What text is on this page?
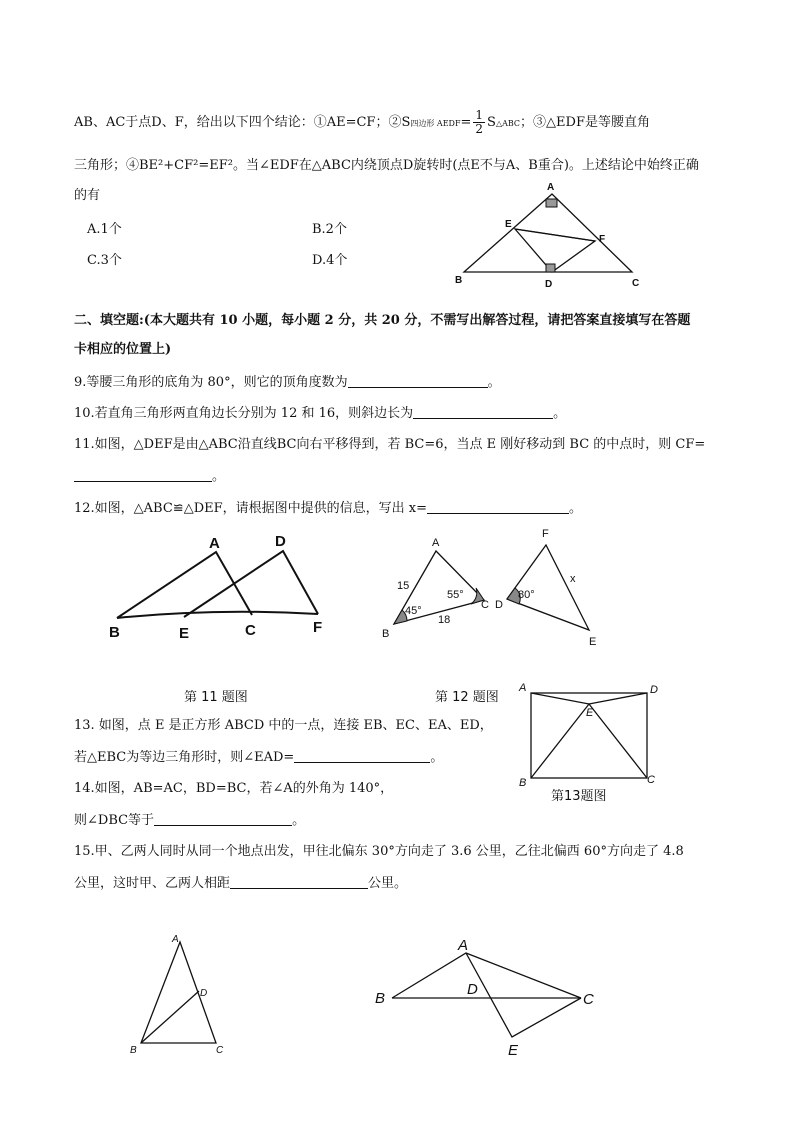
AB、AC于点D、F，给出以下四个结论：①AE=CF；②S四边形 AEDF= $\frac{1}{2}$ S△ABC；③△EDF是等腰直角
三角形；④BE²+CF²=EF²。当∠EDF在△ABC内绕顶点D旋转时(点E不与A、B重合)。上述结论中始终正确
的有
A.1个	B.2个
C.3个	D.4个
A
E
F
B	D	C
二、填空题:(本大题共有 10 小题，每小题 2 分，共 20 分，不需写出解答过程，请把答案直接填写在答题
卡相应的位置上)
9.等腰三角形的底角为 80°，则它的顶角度数为	。
10.若直角三角形两直角边长分别为 12 和 16，则斜边长为	。
11.如图，△DEF是由△ABC沿直线BC向右平移得到，若 BC=6，当点 E 刚好移动到 BC 的中点时，则 CF=
。
12.如图，△ABC≌△DEF，请根据图中提供的信息，写出 x=	。
A	D
B	E	C	F
A
B
C
15
18
45°
55°
F
D
E
80°
x
第 11 题图	第 12 题图
13. 如图，点 E 是正方形 ABCD 中的一点，连接 EB、EC、EA、ED，
若△EBC为等边三角形时，则∠EAD=	。
A	D
E
B	C
第13题图
14.如图，AB=AC，BD=BC，若∠A的外角为 140°，
则∠DBC等于	。
15.甲、乙两人同时从同一个地点出发，甲往北偏东 30°方向走了 3.6 公里，乙往北偏西 60°方向走了 4.8
公里，这时甲、乙两人相距	公里。
A
D
B	C
A
B
D
C
E
